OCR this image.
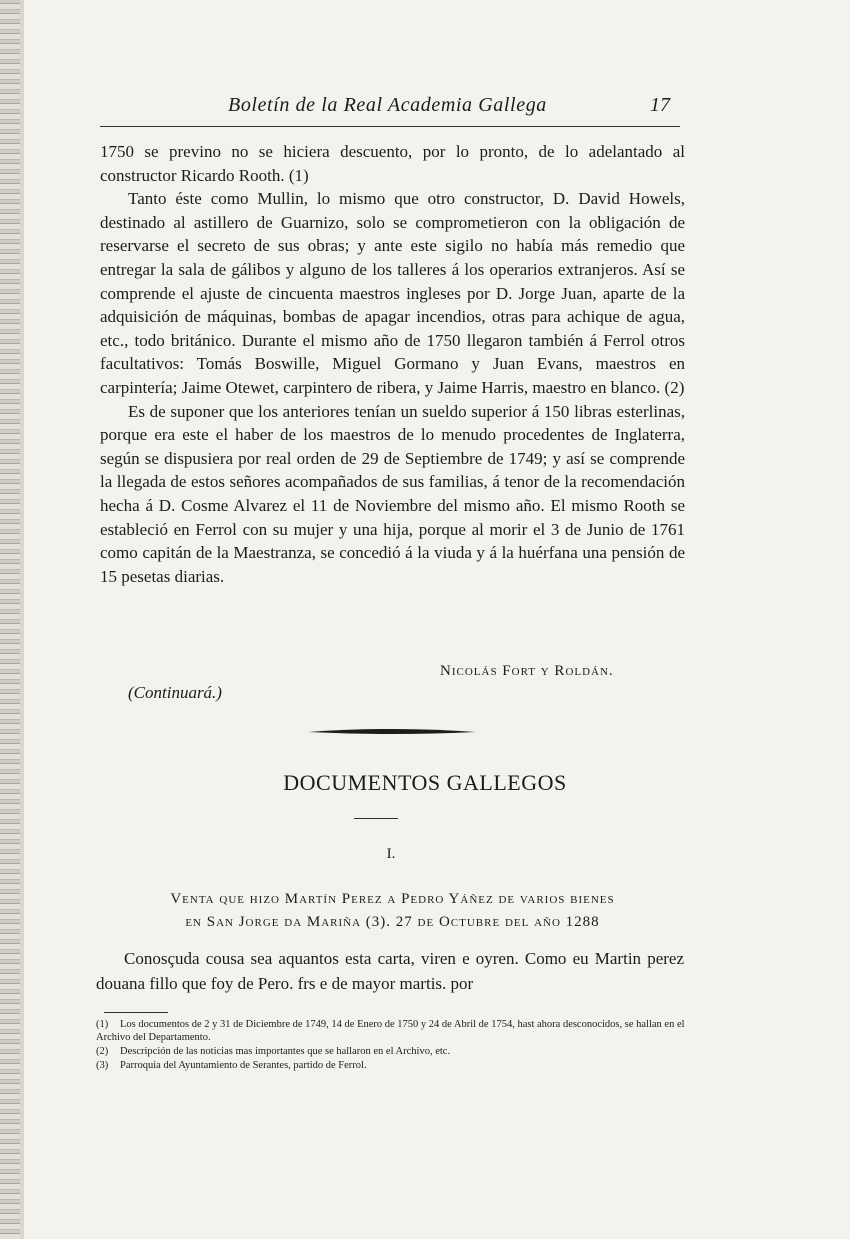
Boletín de la Real Academia Gallega	17

1750 se previno no se hiciera descuento, por lo pronto, de lo adelantado al constructor Ricardo Rooth. (1)

Tanto éste como Mullin, lo mismo que otro constructor, D. David Howels, destinado al astillero de Guarnizo, solo se comprometieron con la obligación de reservarse el secreto de sus obras; y ante este sigilo no había más remedio que entregar la sala de gálibos y alguno de los talleres á los operarios extranjeros. Así se comprende el ajuste de cincuenta maestros ingleses por D. Jorge Juan, aparte de la adquisición de máquinas, bombas de apagar incendios, otras para achique de agua, etc., todo británico. Durante el mismo año de 1750 llegaron también á Ferrol otros facultativos: Tomás Boswille, Miguel Gormano y Juan Evans, maestros en carpintería; Jaime Otewet, carpintero de ribera, y Jaime Harris, maestro en blanco. (2)

Es de suponer que los anteriores tenían un sueldo superior á 150 libras esterlinas, porque era este el haber de los maestros de lo menudo procedentes de Inglaterra, según se dispusiera por real orden de 29 de Septiembre de 1749; y así se comprende la llegada de estos señores acompañados de sus familias, á tenor de la recomendación hecha á D. Cosme Alvarez el 11 de Noviembre del mismo año. El mismo Rooth se estableció en Ferrol con su mujer y una hija, porque al morir el 3 de Junio de 1761 como capitán de la Maestranza, se concedió á la viuda y á la huérfana una pensión de 15 pesetas diarias.

Nicolás Fort y Roldán.
(Continuará.)
DOCUMENTOS GALLEGOS
I.
Venta que hizo Martín Perez a Pedro Yáñez de varios bienes
en San Jorge da Mariña (3). 27 de Octubre del año 1288

Conosçuda cousa sea aquantos esta carta, viren e oyren. Como eu Martin perez douana fillo que foy de Pero. frs e de mayor martis. por

(1) Los documentos de 2 y 31 de Diciembre de 1749, 14 de Enero de 1750 y 24 de Abril de 1754, hast ahora desconocidos, se hallan en el Archivo del Departamento.

(2) Descripción de las noticias mas importantes que se hallaron en el Archivo, etc.

(3) Parroquia del Ayuntamiento de Serantes, partido de Ferrol.
